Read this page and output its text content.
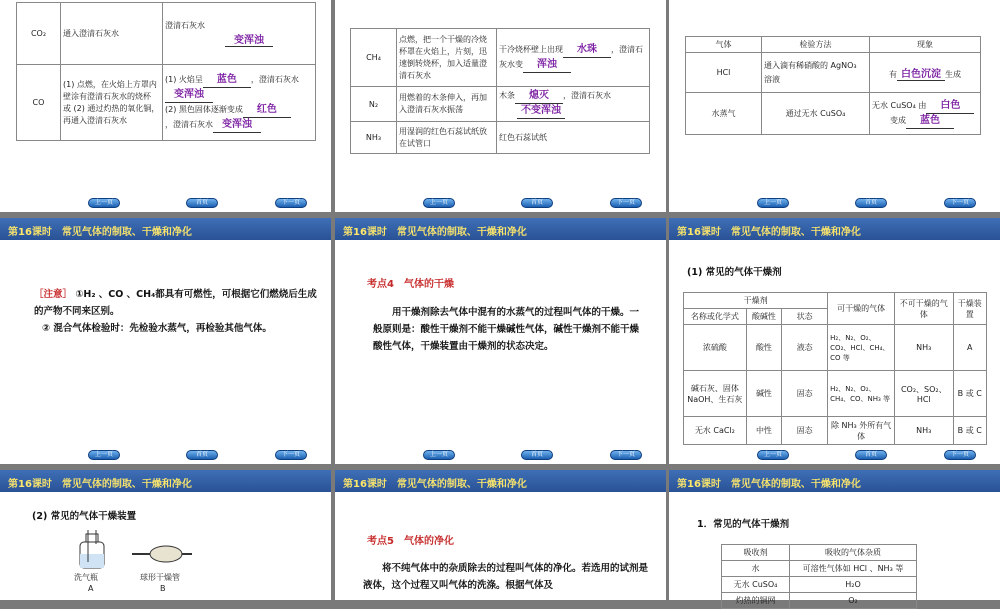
CO₂	通入澄清石灰水	澄清石灰水
变浑浊

CO	(1) 点燃，在火焰上方罩内壁涂有澄清石灰水的烧杯　或 (2) 通过灼热的氧化铜，再通入澄清石灰水	(1) 火焰呈 蓝色 ，澄清石灰水
变浑浊
(2) 黑色固体逐渐变成 红色
，澄清石灰水 变浑浊
上一页	首页	下一页
CH₄	点燃，把一个干燥的冷烧杯罩在火焰上，片刻，迅速倒转烧杯，加入适量澄清石灰水	干冷烧杯壁上出现 水珠 ，澄清石灰水变 浑浊
N₂	用燃着的木条伸入，再加入澄清石灰水振荡	木条 熄灭 ，澄清石灰水
不变浑浊
NH₃	用湿润的红色石蕊试纸放在试管口	红色石蕊试纸
上一页	首页	下一页
气体	检验方法	现象
HCl	通入滴有稀硝酸的 AgNO₃ 溶液	有 白色沉淀 生成
水蒸气	通过无水 CuSO₄	无水 CuSO₄ 由 白色
变成 蓝色
上一页	首页	下一页
第16课时　常见气体的制取、干燥和净化
［注意］ ①H₂ 、CO 、CH₄都具有可燃性，可根据它们燃烧后生成的产物不同来区别。
② 混合气体检验时：先检验水蒸气，再检验其他气体。
上一页	首页	下一页
第16课时　常见气体的制取、干燥和净化
考点4　气体的干燥
用干燥剂除去气体中混有的水蒸气的过程叫气体的干燥。一般原则是：酸性干燥剂不能干燥碱性气体，碱性干燥剂不能干燥酸性气体，干燥装置由干燥剂的状态决定。
上一页	首页	下一页
第16课时　常见气体的制取、干燥和净化
(1) 常见的气体干燥剂
干燥剂			可干燥的气体	不可干燥的气体	干燥装置
名称或化学式	酸碱性	状态			
浓硫酸	酸性	液态	H₂、N₂、O₂、CO₂、HCl、CH₄、CO 等	NH₃	A
碱石灰、固体NaOH、生石灰	碱性	固态	H₂、N₂、O₂、CH₄、CO、NH₃ 等	CO₂、SO₂、HCl	B 或 C
无水 CaCl₂	中性	固态	除 NH₃ 外所有气体	NH₃	B 或 C
上一页	首页	下一页
第16课时　常见气体的制取、干燥和净化
(2) 常见的气体干燥装置
洗气瓶
A
球形干燥管
B
第16课时　常见气体的制取、干燥和净化
考点5　气体的净化
将不纯气体中的杂质除去的过程叫气体的净化。若选用的试剂是液体，这个过程又叫气体的洗涤。根据气体及
第16课时　常见气体的制取、干燥和净化
1．常见的气体干燥剂
吸收剂	吸收的气体杂质
水	可溶性气体如 HCl 、NH₃ 等
无水 CuSO₄	H₂O
灼热的铜网	O₂
